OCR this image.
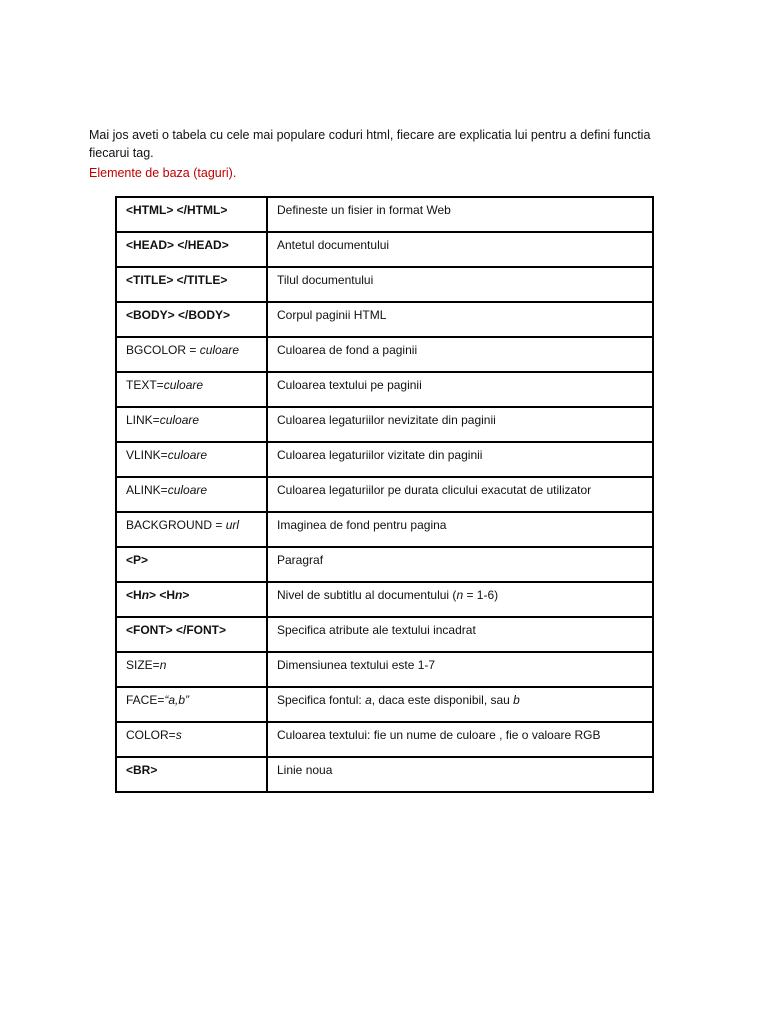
Mai jos aveti o tabela cu cele mai populare coduri html, fiecare are explicatia lui pentru a defini functia
fiecarui tag.
Elemente de baza (taguri).
<HTML> </HTML>	Defineste un fisier in format Web
<HEAD> </HEAD>	Antetul documentului
<TITLE> </TITLE>	Tilul documentului
<BODY> </BODY>	Corpul paginii HTML
BGCOLOR = culoare	Culoarea de fond a paginii
TEXT=culoare	Culoarea textului pe paginii
LINK=culoare	Culoarea legaturiilor nevizitate din paginii
VLINK=culoare	Culoarea legaturiilor vizitate din paginii
ALINK=culoare	Culoarea legaturiilor pe durata clicului exacutat de utilizator
BACKGROUND = url	Imaginea de fond pentru pagina
<P>	Paragraf
<Hn> <Hn>	Nivel de subtitlu al documentului (n = 1-6)
<FONT> </FONT>	Specifica atribute ale textului incadrat
SIZE=n	Dimensiunea textului este 1-7
FACE=“a,b”	Specifica fontul: a, daca este disponibil, sau b
COLOR=s	Culoarea textului: fie un nume de culoare , fie o valoare RGB
<BR>	Linie noua
